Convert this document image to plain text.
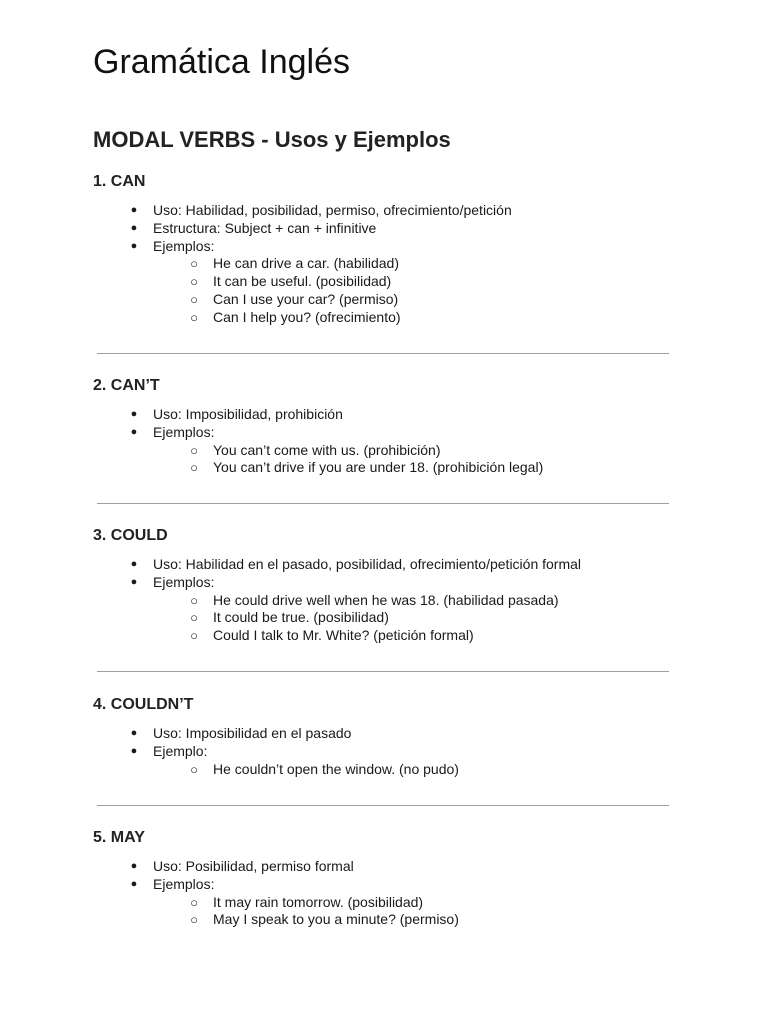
Gramática Inglés
MODAL VERBS - Usos y Ejemplos
1. CAN
● Uso: Habilidad, posibilidad, permiso, ofrecimiento/petición
● Estructura: Subject + can + infinitive
● Ejemplos:
○ He can drive a car. (habilidad)
○ It can be useful. (posibilidad)
○ Can I use your car? (permiso)
○ Can I help you? (ofrecimiento)
2. CAN’T
● Uso: Imposibilidad, prohibición
● Ejemplos:
○ You can’t come with us. (prohibición)
○ You can’t drive if you are under 18. (prohibición legal)
3. COULD
● Uso: Habilidad en el pasado, posibilidad, ofrecimiento/petición formal
● Ejemplos:
○ He could drive well when he was 18. (habilidad pasada)
○ It could be true. (posibilidad)
○ Could I talk to Mr. White? (petición formal)
4. COULDN’T
● Uso: Imposibilidad en el pasado
● Ejemplo:
○ He couldn’t open the window. (no pudo)
5. MAY
● Uso: Posibilidad, permiso formal
● Ejemplos:
○ It may rain tomorrow. (posibilidad)
○ May I speak to you a minute? (permiso)
